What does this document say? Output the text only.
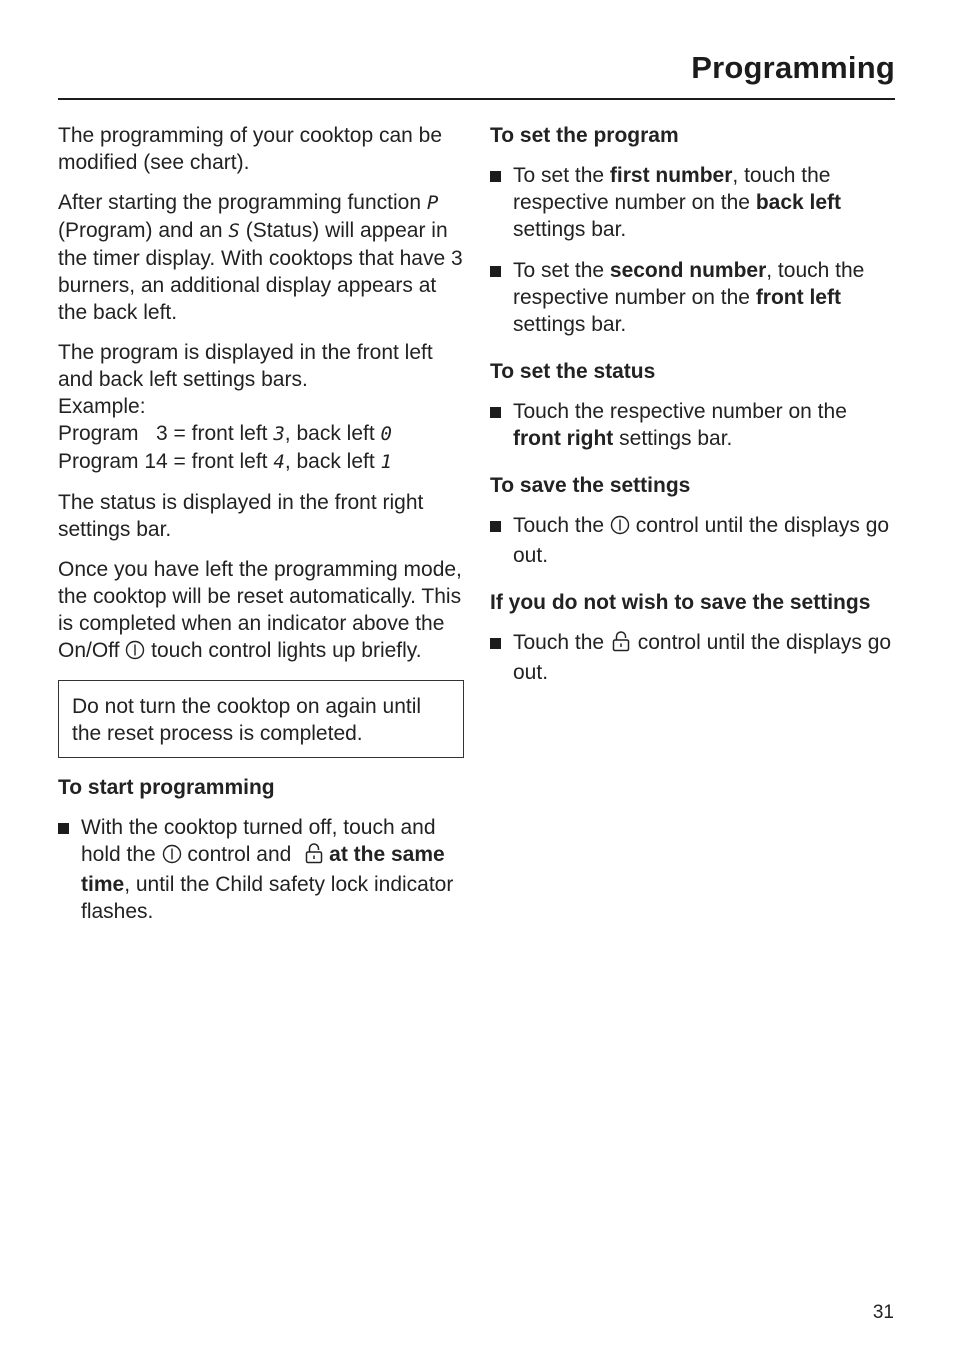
Programming

The programming of your cooktop can be modified (see chart).

After starting the programming function P (Program) and an S (Status) will appear in the timer display. With cooktops that have 3 burners, an additional display appears at the back left.

The program is displayed in the front left and back left settings bars.
Example:
Program   3 = front left 3, back left 0
Program 14 = front left 4, back left 1

The status is displayed in the front right settings bar.

Once you have left the programming mode, the cooktop will be reset automatically. This is completed when an indicator above the On/Off  touch control lights up briefly.

Do not turn the cooktop on again until the reset process is completed.

To start programming

With the cooktop turned off, touch and hold the  control and at the same time, until the Child safety lock indicator flashes.

To set the program

To set the first number, touch the respective number on the back left settings bar.
To set the second number, touch the respective number on the front left settings bar.

To set the status

Touch the respective number on the front right settings bar.

To save the settings

Touch the  control until the displays go out.

If you do not wish to save the settings

Touch the  control until the displays go out.
31
